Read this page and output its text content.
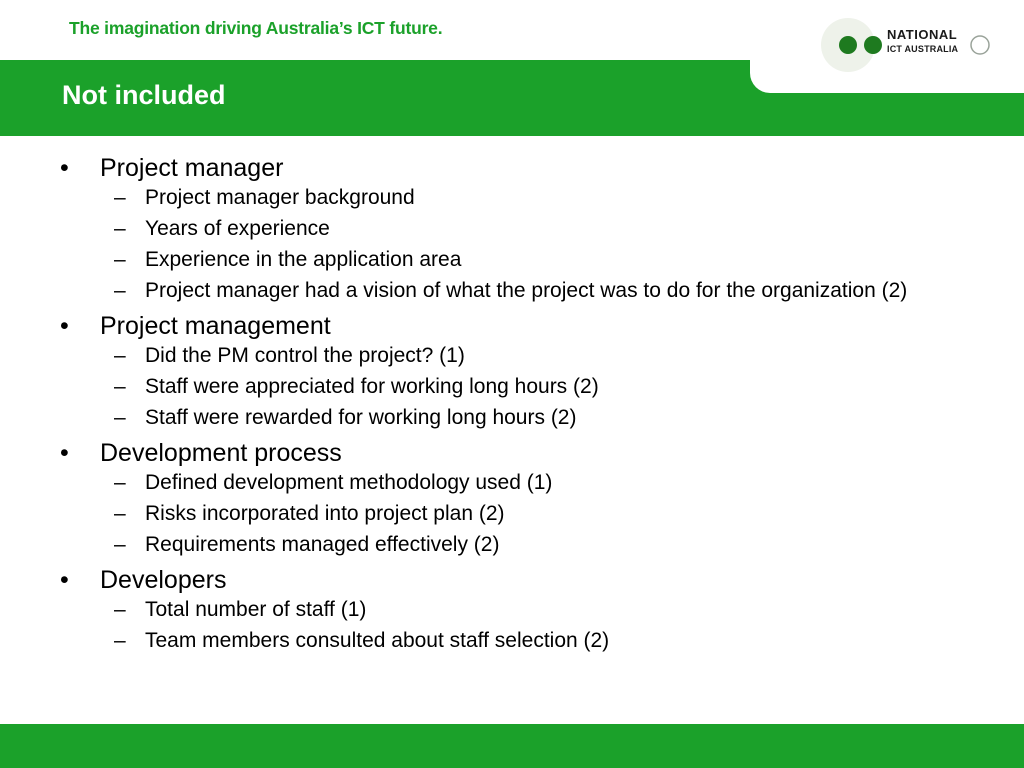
The imagination driving Australia’s ICT future.
Not included
NATIONAL
ICT AUSTRALIA
•	Project manager
– Project manager background
– Years of experience
– Experience in the application area
– Project manager had a vision of what the project was to do for the organization (2)
•	Project management
– Did the PM control the project? (1)
– Staff were appreciated for working long hours (2)
– Staff were rewarded for working long hours (2)
•	Development process
– Defined development methodology used (1)
– Risks incorporated into project plan (2)
– Requirements managed effectively (2)
•	Developers
– Total number of staff (1)
– Team members consulted about staff selection (2)
